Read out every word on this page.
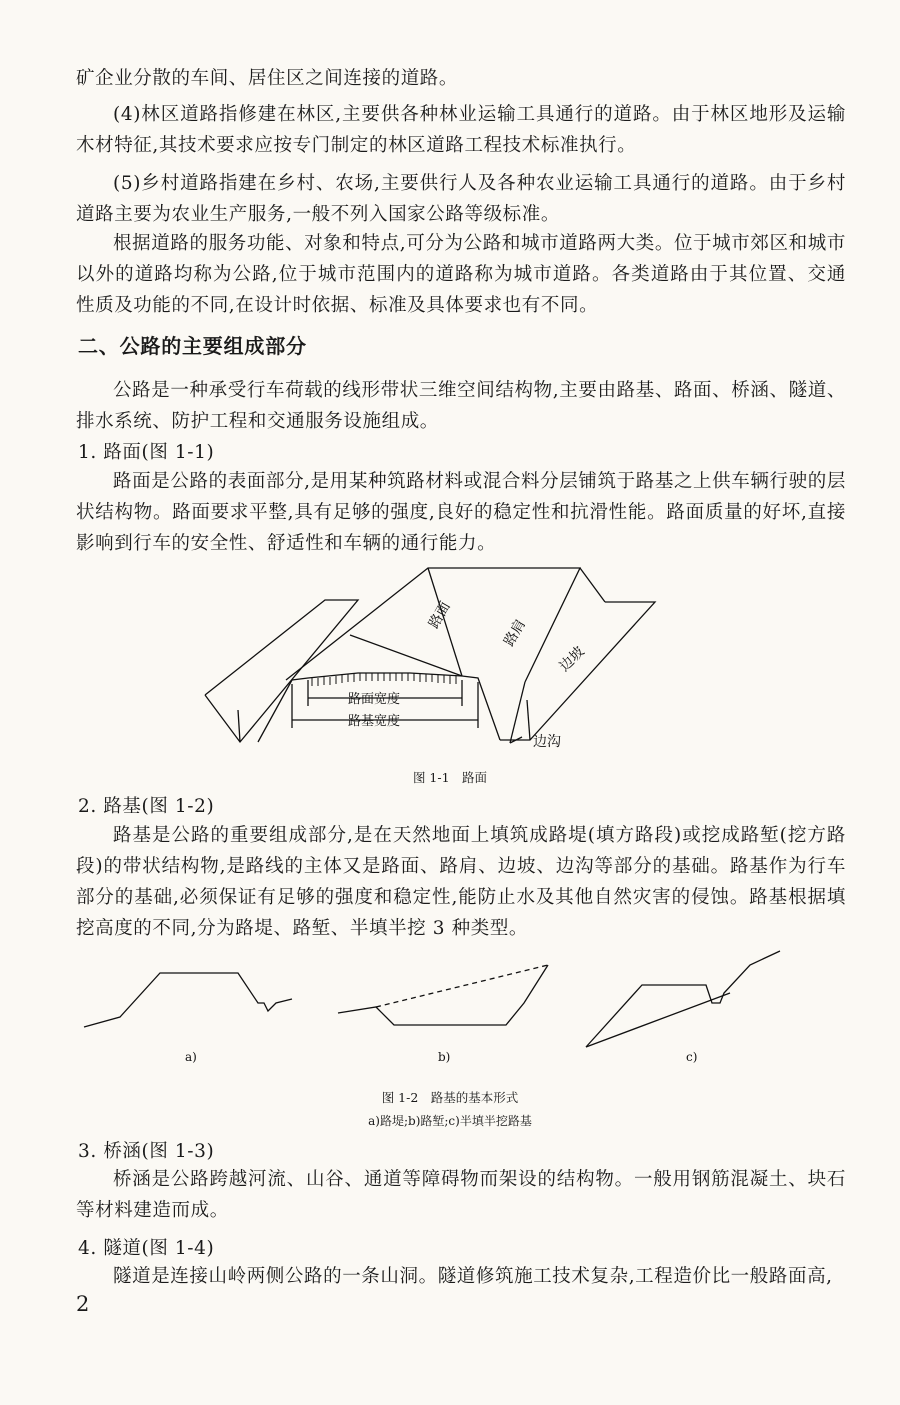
矿企业分散的车间、居住区之间连接的道路。

(4)林区道路指修建在林区,主要供各种林业运输工具通行的道路。由于林区地形及运输木材特征,其技术要求应按专门制定的林区道路工程技术标准执行。

(5)乡村道路指建在乡村、农场,主要供行人及各种农业运输工具通行的道路。由于乡村道路主要为农业生产服务,一般不列入国家公路等级标准。

根据道路的服务功能、对象和特点,可分为公路和城市道路两大类。位于城市郊区和城市以外的道路均称为公路,位于城市范围内的道路称为城市道路。各类道路由于其位置、交通性质及功能的不同,在设计时依据、标准及具体要求也有不同。

二、公路的主要组成部分

公路是一种承受行车荷载的线形带状三维空间结构物,主要由路基、路面、桥涵、隧道、排水系统、防护工程和交通服务设施组成。

1. 路面(图 1-1)

路面是公路的表面部分,是用某种筑路材料或混合料分层铺筑于路基之上供车辆行驶的层状结构物。路面要求平整,具有足够的强度,良好的稳定性和抗滑性能。路面质量的好坏,直接影响到行车的安全性、舒适性和车辆的通行能力。

路面
路肩
边坡
路面宽度
路基宽度
边沟

图 1-1　路面

2. 路基(图 1-2)

路基是公路的重要组成部分,是在天然地面上填筑成路堤(填方路段)或挖成路堑(挖方路段)的带状结构物,是路线的主体又是路面、路肩、边坡、边沟等部分的基础。路基作为行车部分的基础,必须保证有足够的强度和稳定性,能防止水及其他自然灾害的侵蚀。路基根据填挖高度的不同,分为路堤、路堑、半填半挖 3 种类型。

a)	b)	c)

图 1-2　路基的基本形式

a)路堤;b)路堑;c)半填半挖路基

3. 桥涵(图 1-3)

桥涵是公路跨越河流、山谷、通道等障碍物而架设的结构物。一般用钢筋混凝土、块石等材料建造而成。

4. 隧道(图 1-4)

隧道是连接山岭两侧公路的一条山洞。隧道修筑施工技术复杂,工程造价比一般路面高,

2
